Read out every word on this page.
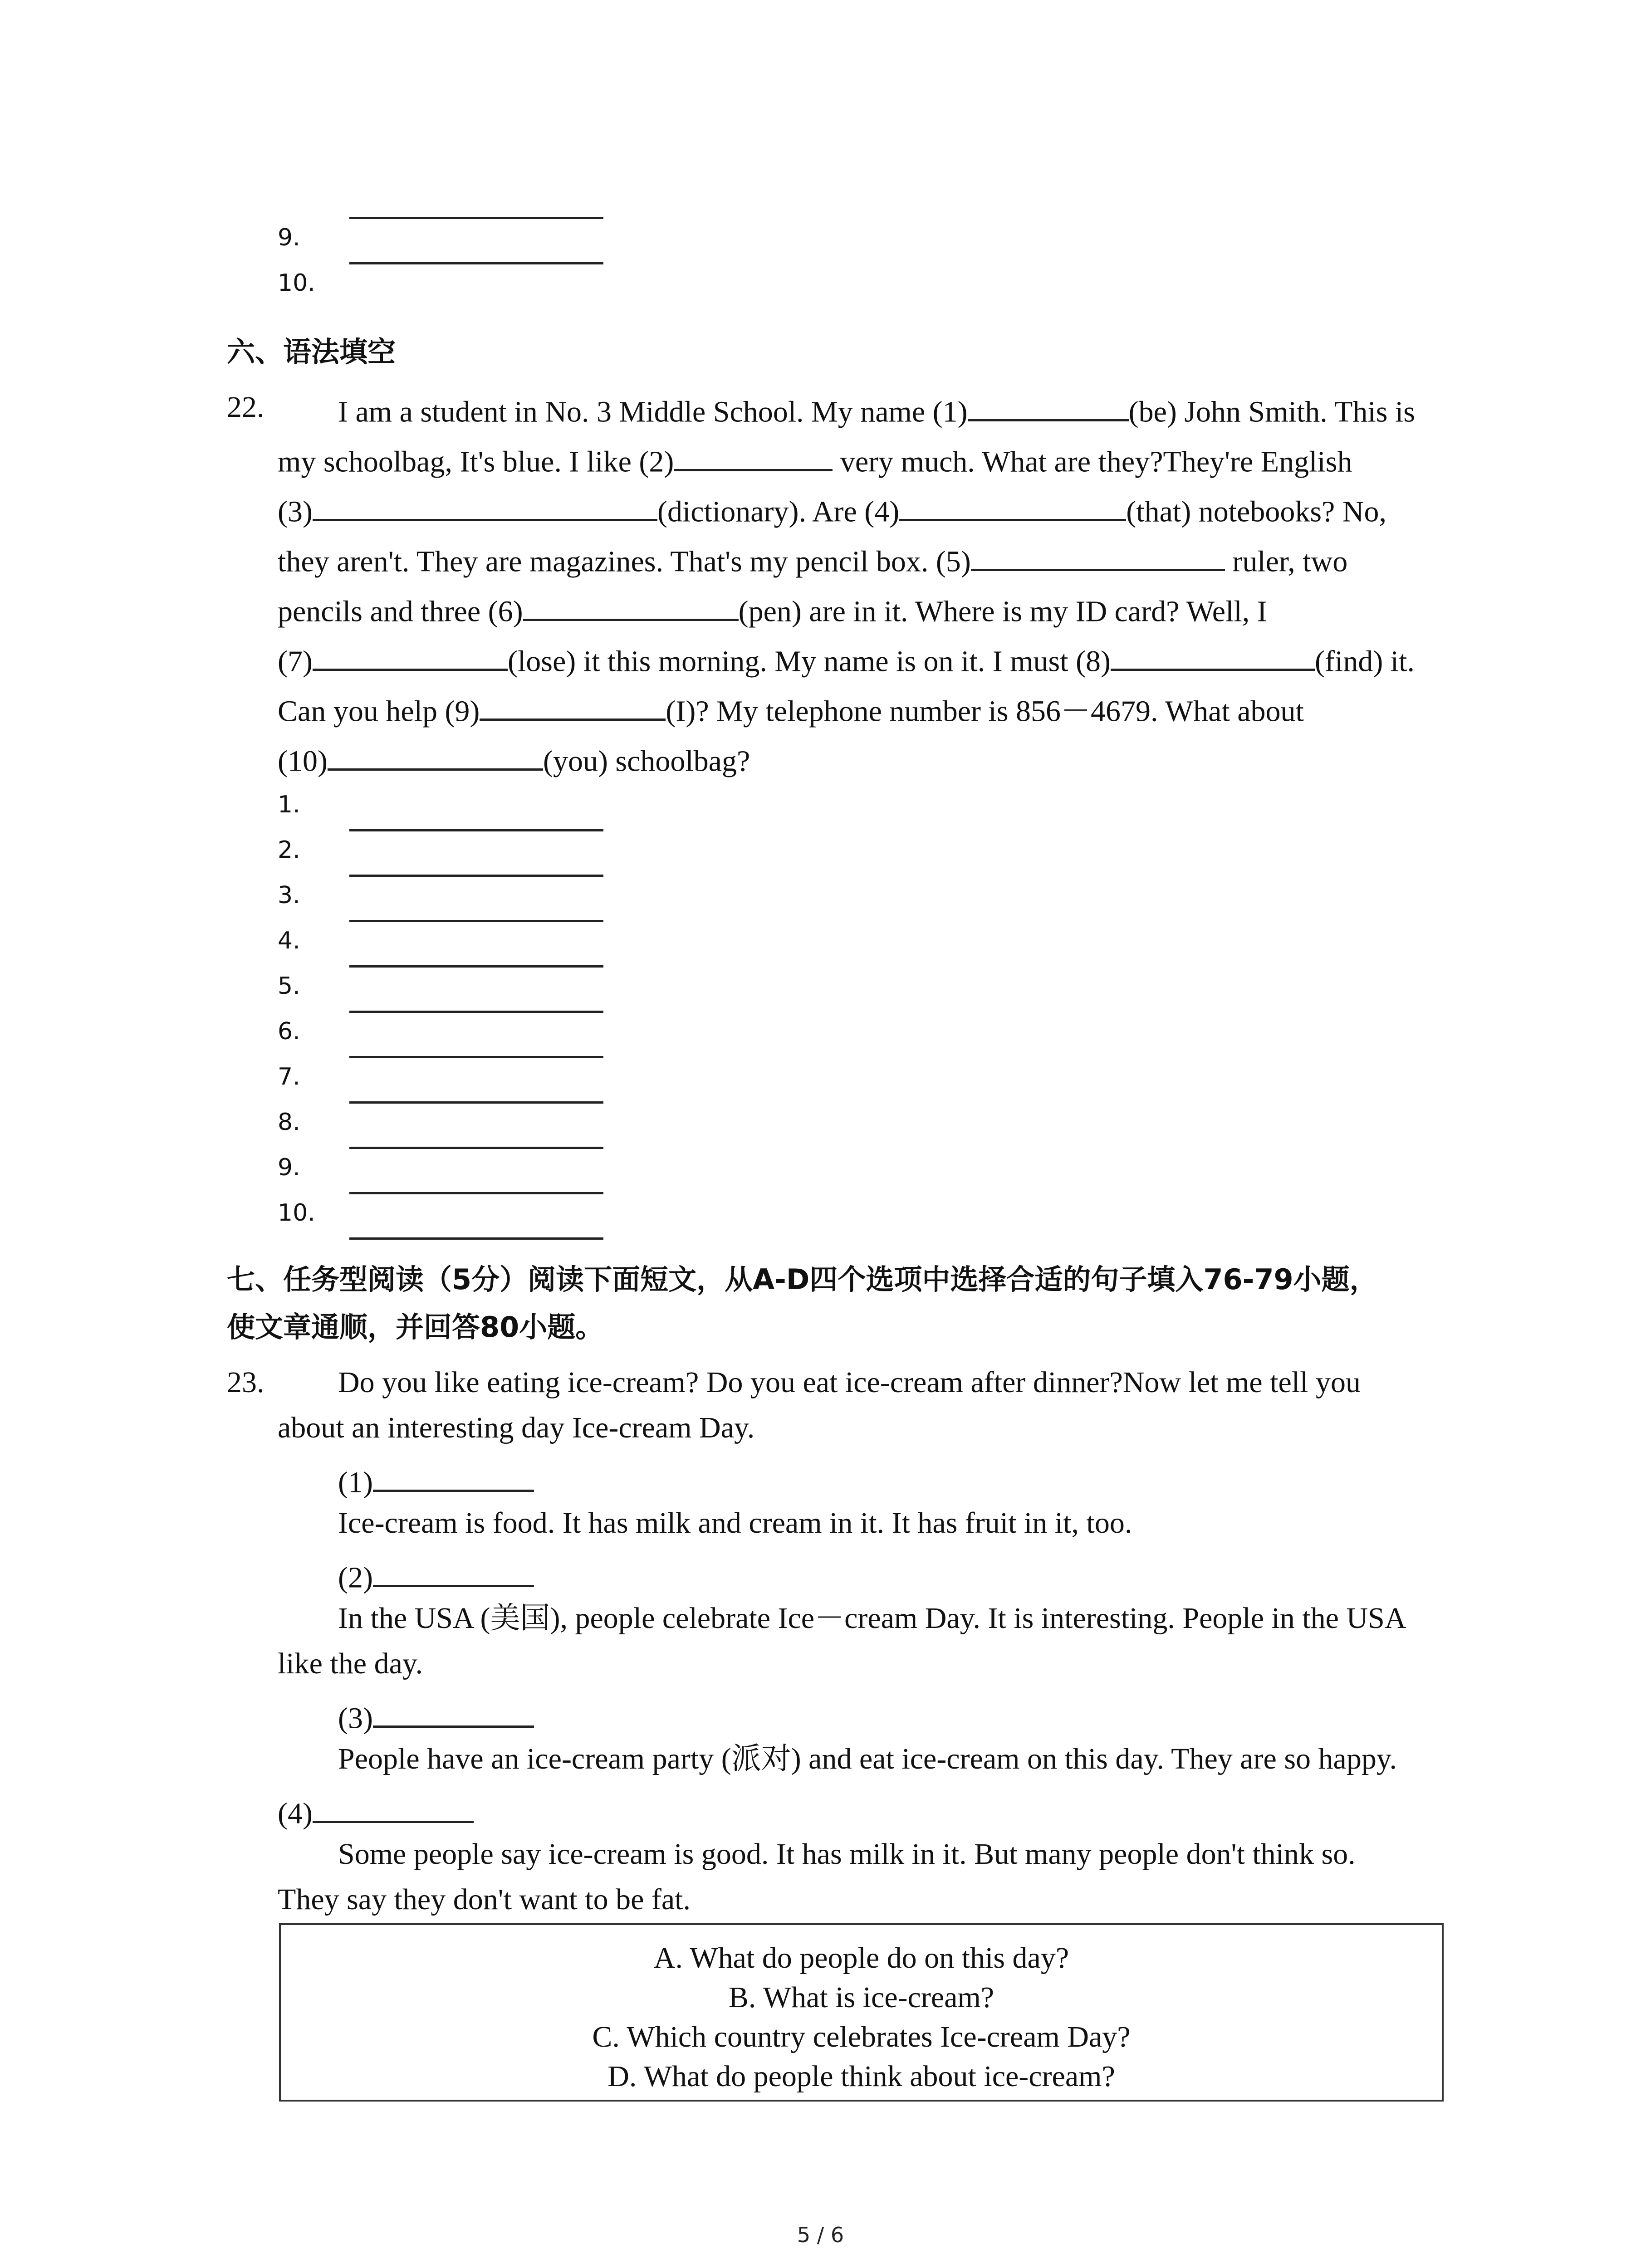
9.
10.
六、语法填空
22. I am a student in No. 3 Middle School. My name (1)	(be) John Smith. This is
my schoolbag, It's blue. I like (2)	very much. What are they?They're English
(3)	(dictionary). Are (4)	(that) notebooks? No,
they aren't. They are magazines. That's my pencil box. (5)	ruler, two
pencils and three (6)	(pen) are in it. Where is my ID card? Well, I
(7)	(lose) it this morning. My name is on it. I must (8)	(find) it.
Can you help (9)	(I)? My telephone number is 856－4679. What about
(10)	(you) schoolbag?
1.
2.
3.
4.
5.
6.
7.
8.
9.
10.
七、任务型阅读（5分）阅读下面短文，从A-D四个选项中选择合适的句子填入76-79小题，
使文章通顺，并回答80小题。
23. Do you like eating ice-cream? Do you eat ice-cream after dinner?Now let me tell you
about an interesting day Ice-cream Day.
(1)
Ice-cream is food. It has milk and cream in it. It has fruit in it, too.
(2)
In the USA (美国), people celebrate Ice－cream Day. It is interesting. People in the USA
like the day.
(3)
People have an ice-cream party (派对) and eat ice-cream on this day. They are so happy.
(4)
Some people say ice-cream is good. It has milk in it. But many people don't think so.
They say they don't want to be fat.
A. What do people do on this day?
B. What is ice-cream?
C. Which country celebrates Ice-cream Day?
D. What do people think about ice-cream?
5 / 6
